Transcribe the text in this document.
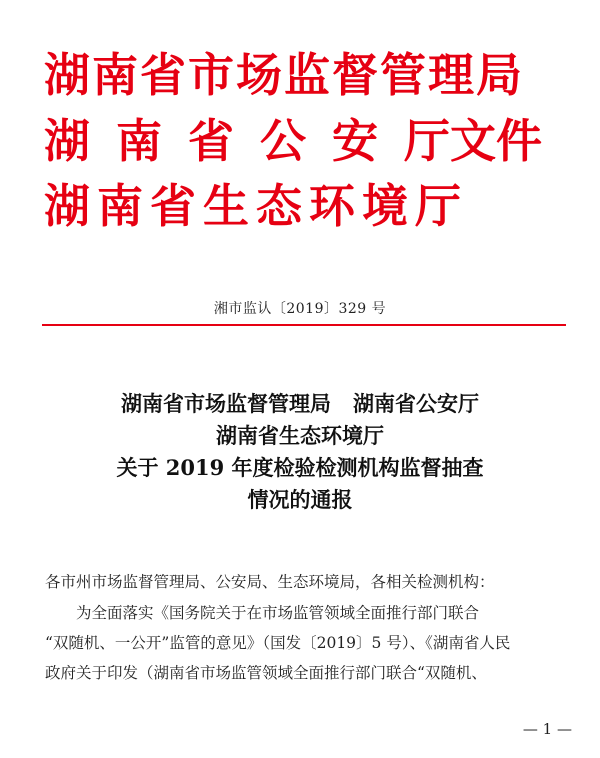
湖南省市场监督管理局
湖 南 省 公 安 厅文件
湖南省生态环境厅
湘市监认〔2019〕329 号
湖南省市场监督管理局 湖南省公安厅
湖南省生态环境厅
关于 2019 年度检验检测机构监督抽查
情况的通报
各市州市场监督管理局、公安局、生态环境局，各相关检测机构：
为全面落实《国务院关于在市场监管领域全面推行部门联合
“双随机、一公开”监管的意见》（国发〔2019〕5 号）、《湖南省人民
政府关于印发（湖南省市场监管领域全面推行部门联合“双随机、
— 1 —
